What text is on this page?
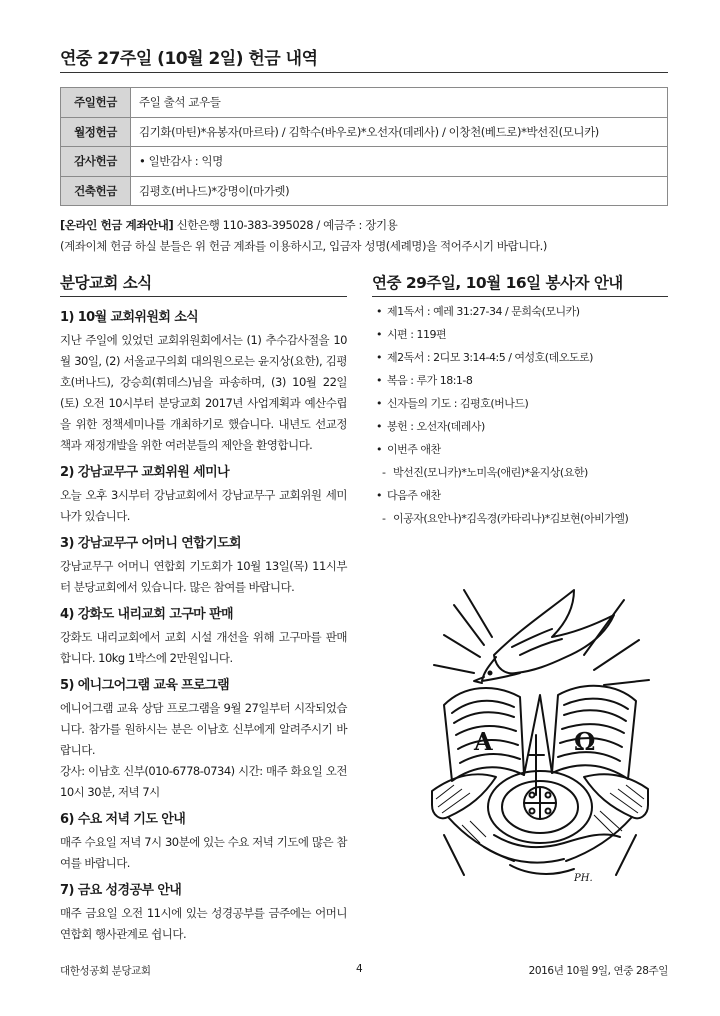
연중 27주일 (10월 2일) 헌금 내역
주일헌금	주일 출석 교우들
월정헌금	김기화(마틴)*유봉자(마르타) / 김학수(바우로)*오선자(데레사) / 이창천(베드로)*박선진(모니카)
감사헌금	• 일반감사 : 익명
건축헌금	김평호(버나드)*강명이(마가렛)
[온라인 헌금 계좌안내] 신한은행 110-383-395028 / 예금주 : 장기용
(계좌이체 헌금 하실 분들은 위 헌금 계좌를 이용하시고, 입금자 성명(세례명)을 적어주시기 바랍니다.)
분당교회 소식
1) 10월 교회위원회 소식
지난 주일에 있었던 교회위원회에서는 (1) 추수감사절을 10월 30일, (2) 서울교구의회 대의원으로는 윤지상(요한), 김평호(버나드), 강승희(휘데스)님을 파송하며, (3) 10월 22일(토) 오전 10시부터 분당교회 2017년 사업계획과 예산수립을 위한 정책세미나를 개최하기로 했습니다. 내년도 선교정책과 재정개발을 위한 여러분들의 제안을 환영합니다.
2) 강남교무구 교회위원 세미나
오늘 오후 3시부터 강남교회에서 강남교무구 교회위원 세미나가 있습니다.
3) 강남교무구 어머니 연합기도회
강남교무구 어머니 연합회 기도회가 10월 13일(목) 11시부터 분당교회에서 있습니다. 많은 참여를 바랍니다.
4) 강화도 내리교회 고구마 판매
강화도 내리교회에서 교회 시설 개선을 위해 고구마를 판매합니다. 10kg 1박스에 2만원입니다.
5) 에니그어그램 교육 프로그램
에니어그램 교육 상담 프로그램을 9월 27일부터 시작되었습니다. 참가를 원하시는 분은 이남호 신부에게 알려주시기 바랍니다.
강사: 이남호 신부(010-6778-0734) 시간: 매주 화요일 오전 10시 30분, 저녁 7시
6) 수요 저녁 기도 안내
매주 수요일 저녁 7시 30분에 있는 수요 저녁 기도에 많은 참여를 바랍니다.
7) 금요 성경공부 안내
매주 금요일 오전 11시에 있는 성경공부를 금주에는 어머니연합회 행사관계로 쉽니다.
연중 29주일, 10월 16일 봉사자 안내
• 제1독서 : 예레 31:27-34 / 문희숙(모니카)
• 시편 : 119편
• 제2독서 : 2디모 3:14-4:5 / 여성호(데오도로)
• 복음 : 루가 18:1-8
• 신자들의 기도 : 김평호(버나드)
• 봉헌 : 오선자(데레사)
• 이번주 애찬
- 박선진(모니카)*노미옥(애린)*윤지상(요한)
• 다음주 애찬
- 이공자(요안나)*김옥경(카타리나)*김보현(아비가엘)
A	Ω
PH.
대한성공회 분당교회	4	2016년 10월 9일, 연중 28주일
